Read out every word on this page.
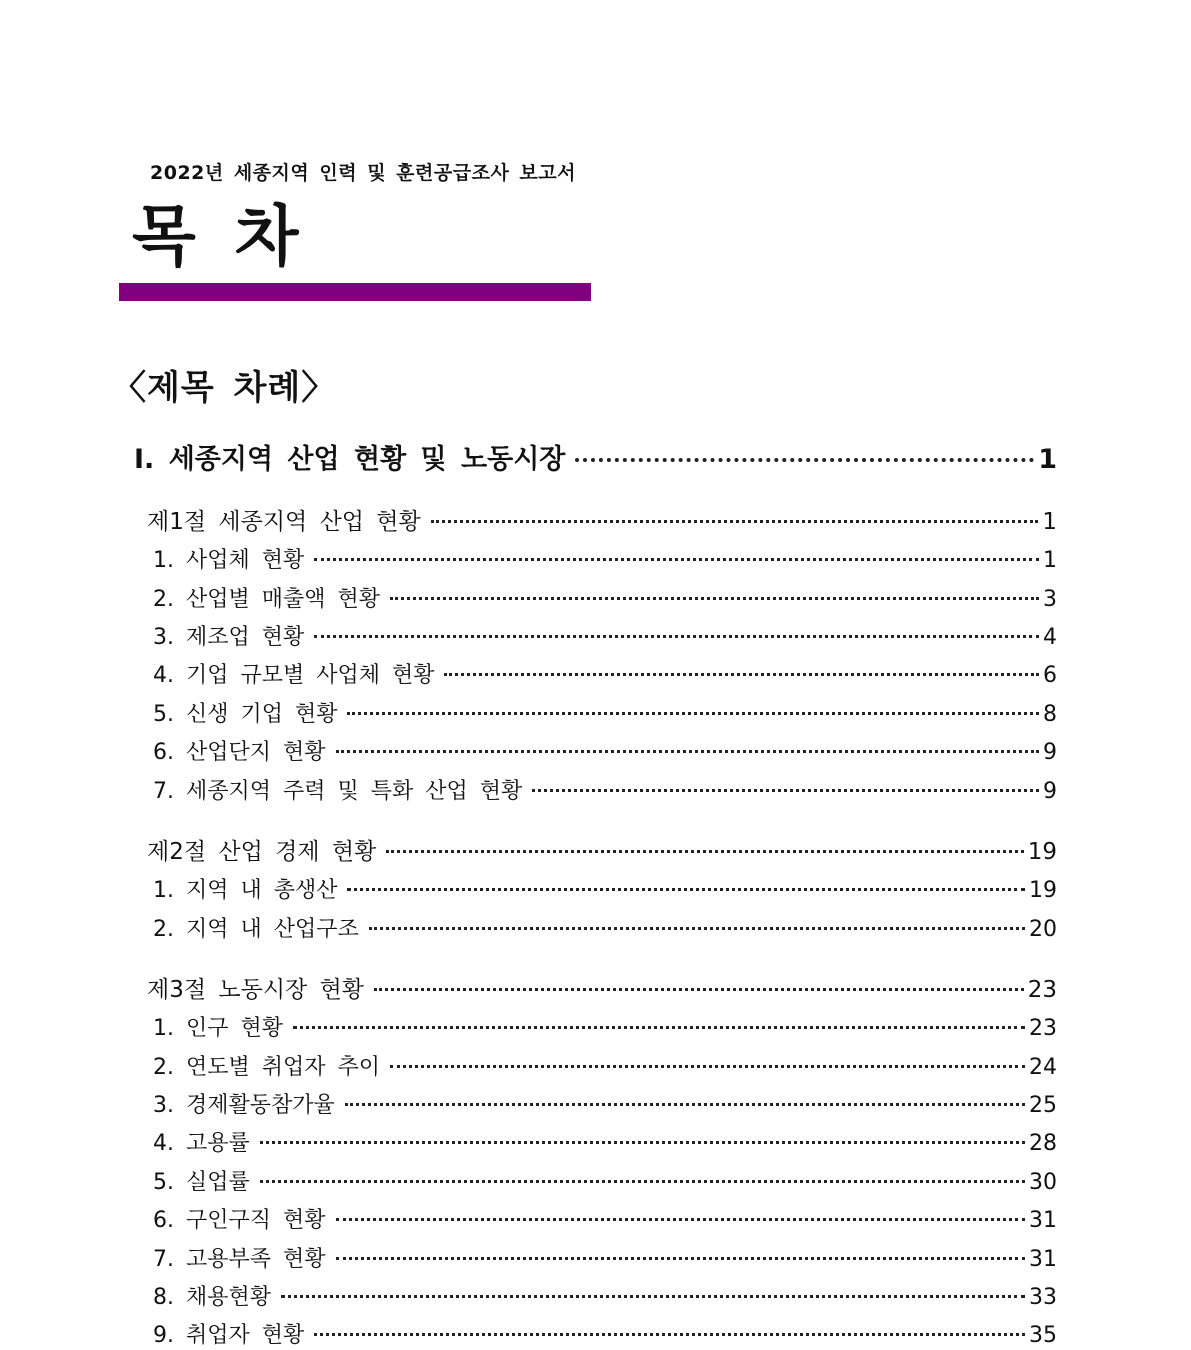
2022년 세종지역 인력 및 훈련공급조사 보고서
목 차
〈제목 차례〉
I. 세종지역 산업 현황 및 노동시장	1
제1절 세종지역 산업 현황	1
1. 사업체 현황	1
2. 산업별 매출액 현황	3
3. 제조업 현황	4
4. 기업 규모별 사업체 현황	6
5. 신생 기업 현황	8
6. 산업단지 현황	9
7. 세종지역 주력 및 특화 산업 현황	9
제2절 산업 경제 현황	19
1. 지역 내 총생산	19
2. 지역 내 산업구조	20
제3절 노동시장 현황	23
1. 인구 현황	23
2. 연도별 취업자 추이	24
3. 경제활동참가율	25
4. 고용률	28
5. 실업률	30
6. 구인구직 현황	31
7. 고용부족 현황	31
8. 채용현황	33
9. 취업자 현황	35
